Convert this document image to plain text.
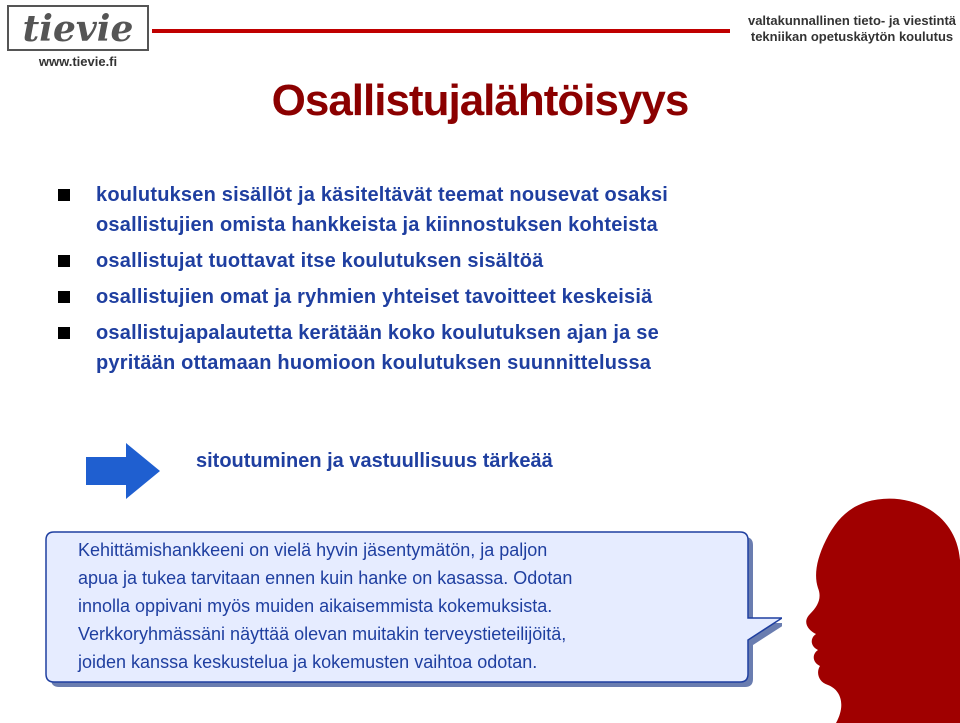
tievie
www.tievie.fi
valtakunnallinen tieto- ja viestintä
tekniikan opetuskäytön koulutus
Osallistujalähtöisyys
koulutuksen sisällöt ja käsiteltävät teemat nousevat osaksi
osallistujien omista hankkeista ja kiinnostuksen kohteista
osallistujat tuottavat itse koulutuksen sisältöä
osallistujien omat ja ryhmien yhteiset tavoitteet keskeisiä
osallistujapalautetta kerätään koko koulutuksen ajan ja se
pyritään ottamaan huomioon koulutuksen suunnittelussa
sitoutuminen ja vastuullisuus tärkeää
Kehittämishankkeeni on vielä hyvin jäsentymätön, ja paljon
apua ja tukea tarvitaan ennen kuin hanke on kasassa. Odotan
innolla oppivani myös muiden aikaisemmista kokemuksista.
Verkkoryhmässäni näyttää olevan muitakin terveystieteilijöitä,
joiden kanssa keskustelua ja kokemusten vaihtoa odotan.
